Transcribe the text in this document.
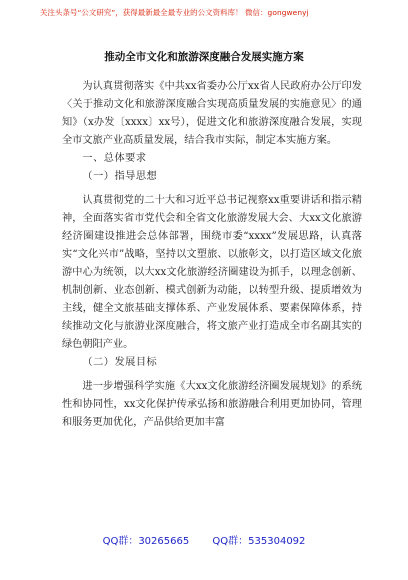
关注头条号“公文研究”，获得最新最全最专业的公文资料库！ 微信：gongwenyj
推动全市文化和旅游深度融合发展实施方案

为认真贯彻落实《中共xx省委办公厅xx省人民政府办公厅印发〈关于推动文化和旅游深度融合实现高质量发展的实施意见〉的通知》（x办发〔xxxx〕xx号），促进文化和旅游深度融合发展，实现全市文旅产业高质量发展，结合我市实际，制定本实施方案。

一、总体要求

（一）指导思想

认真贯彻党的二十大和习近平总书记视察xx重要讲话和指示精神，全面落实省市党代会和全省文化旅游发展大会、大xx文化旅游经济圈建设推进会总体部署，围绕市委“xxxx”发展思路，认真落实“文化兴市”战略，坚持以文塑旅、以旅彰文，以打造区域文化旅游中心为统领，以大xx文化旅游经济圈建设为抓手，以理念创新、机制创新、业态创新、模式创新为动能，以转型升级、提质增效为主线，健全文旅基础支撑体系、产业发展体系、要素保障体系，持续推动文化与旅游业深度融合，将文旅产业打造成全市名副其实的绿色朝阳产业。

（二）发展目标

进一步增强科学实施《大xx文化旅游经济圈发展规划》的系统性和协同性，xx文化保护传承弘扬和旅游融合利用更加协同，管理和服务更加优化，产品供给更加丰富

QQ群：30265665 QQ群：535304092
